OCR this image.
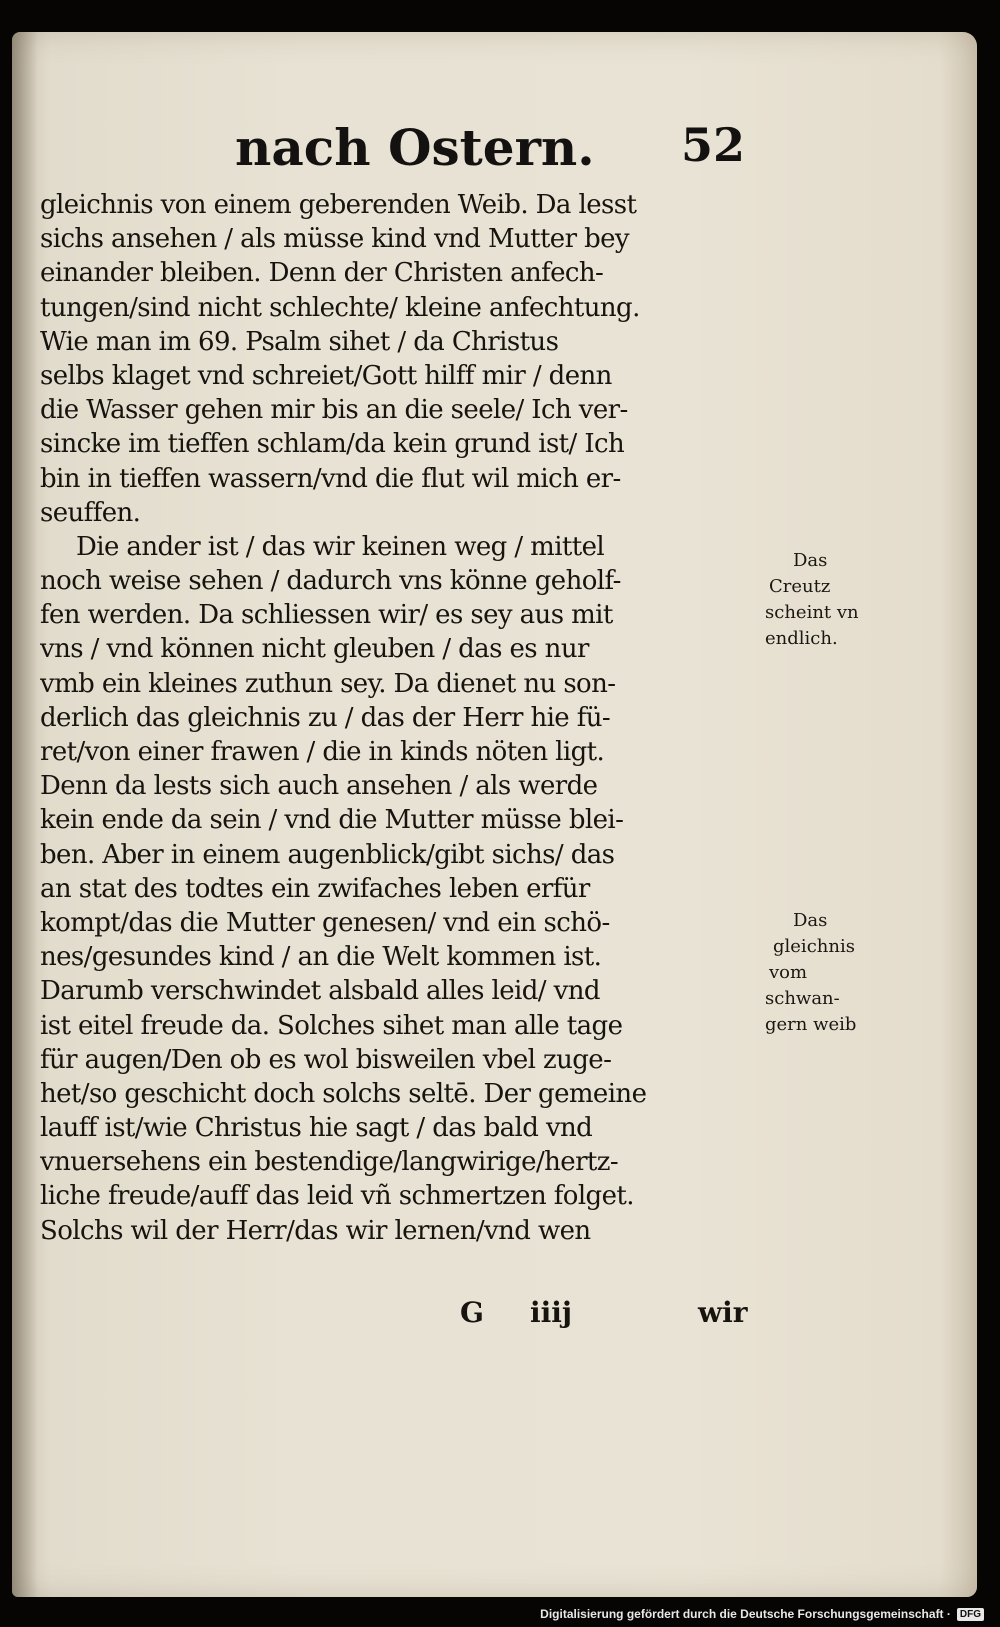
nach Ostern. 52
gleichnis von einem geberenden Weib. Da lesst
sichs ansehen / als müsse kind vnd Mutter bey
einander bleiben. Denn der Christen anfech-
tungen/sind nicht schlechte/ kleine anfechtung.
Wie man im 69. Psalm sihet / da Christus
selbs klaget vnd schreiet/Gott hilff mir / denn
die Wasser gehen mir bis an die seele/ Ich ver-
sincke im tieffen schlam/da kein grund ist/ Ich
bin in tieffen wassern/vnd die flut wil mich er-
seuffen.
Die ander ist / das wir keinen weg / mittel
noch weise sehen / dadurch vns könne geholf-
fen werden. Da schliessen wir/ es sey aus mit
vns / vnd können nicht gleuben / das es nur
vmb ein kleines zuthun sey. Da dienet nu son-
derlich das gleichnis zu / das der Herr hie fü-
ret/von einer frawen / die in kinds nöten ligt.
Denn da lests sich auch ansehen / als werde
kein ende da sein / vnd die Mutter müsse blei-
ben. Aber in einem augenblick/gibt sichs/ das
an stat des todtes ein zwifaches leben erfür
kompt/das die Mutter genesen/ vnd ein schö-
nes/gesundes kind / an die Welt kommen ist.
Darumb verschwindet alsbald alles leid/ vnd
ist eitel freude da. Solches sihet man alle tage
für augen/Den ob es wol bisweilen vbel zuge-
het/so geschicht doch solchs seltē. Der gemeine
lauff ist/wie Christus hie sagt / das bald vnd
vnuersehens ein bestendige/langwirige/hertz-
liche freude/auff das leid vñ schmertzen folget.
Solchs wil der Herr/das wir lernen/vnd wen
Das
Creutz
scheint vn
endlich.
Das
gleichnis
vom
schwan-
gern weib
G iiij	wir
Digitalisierung gefördert durch die Deutsche Forschungsgemeinschaft · DFG
